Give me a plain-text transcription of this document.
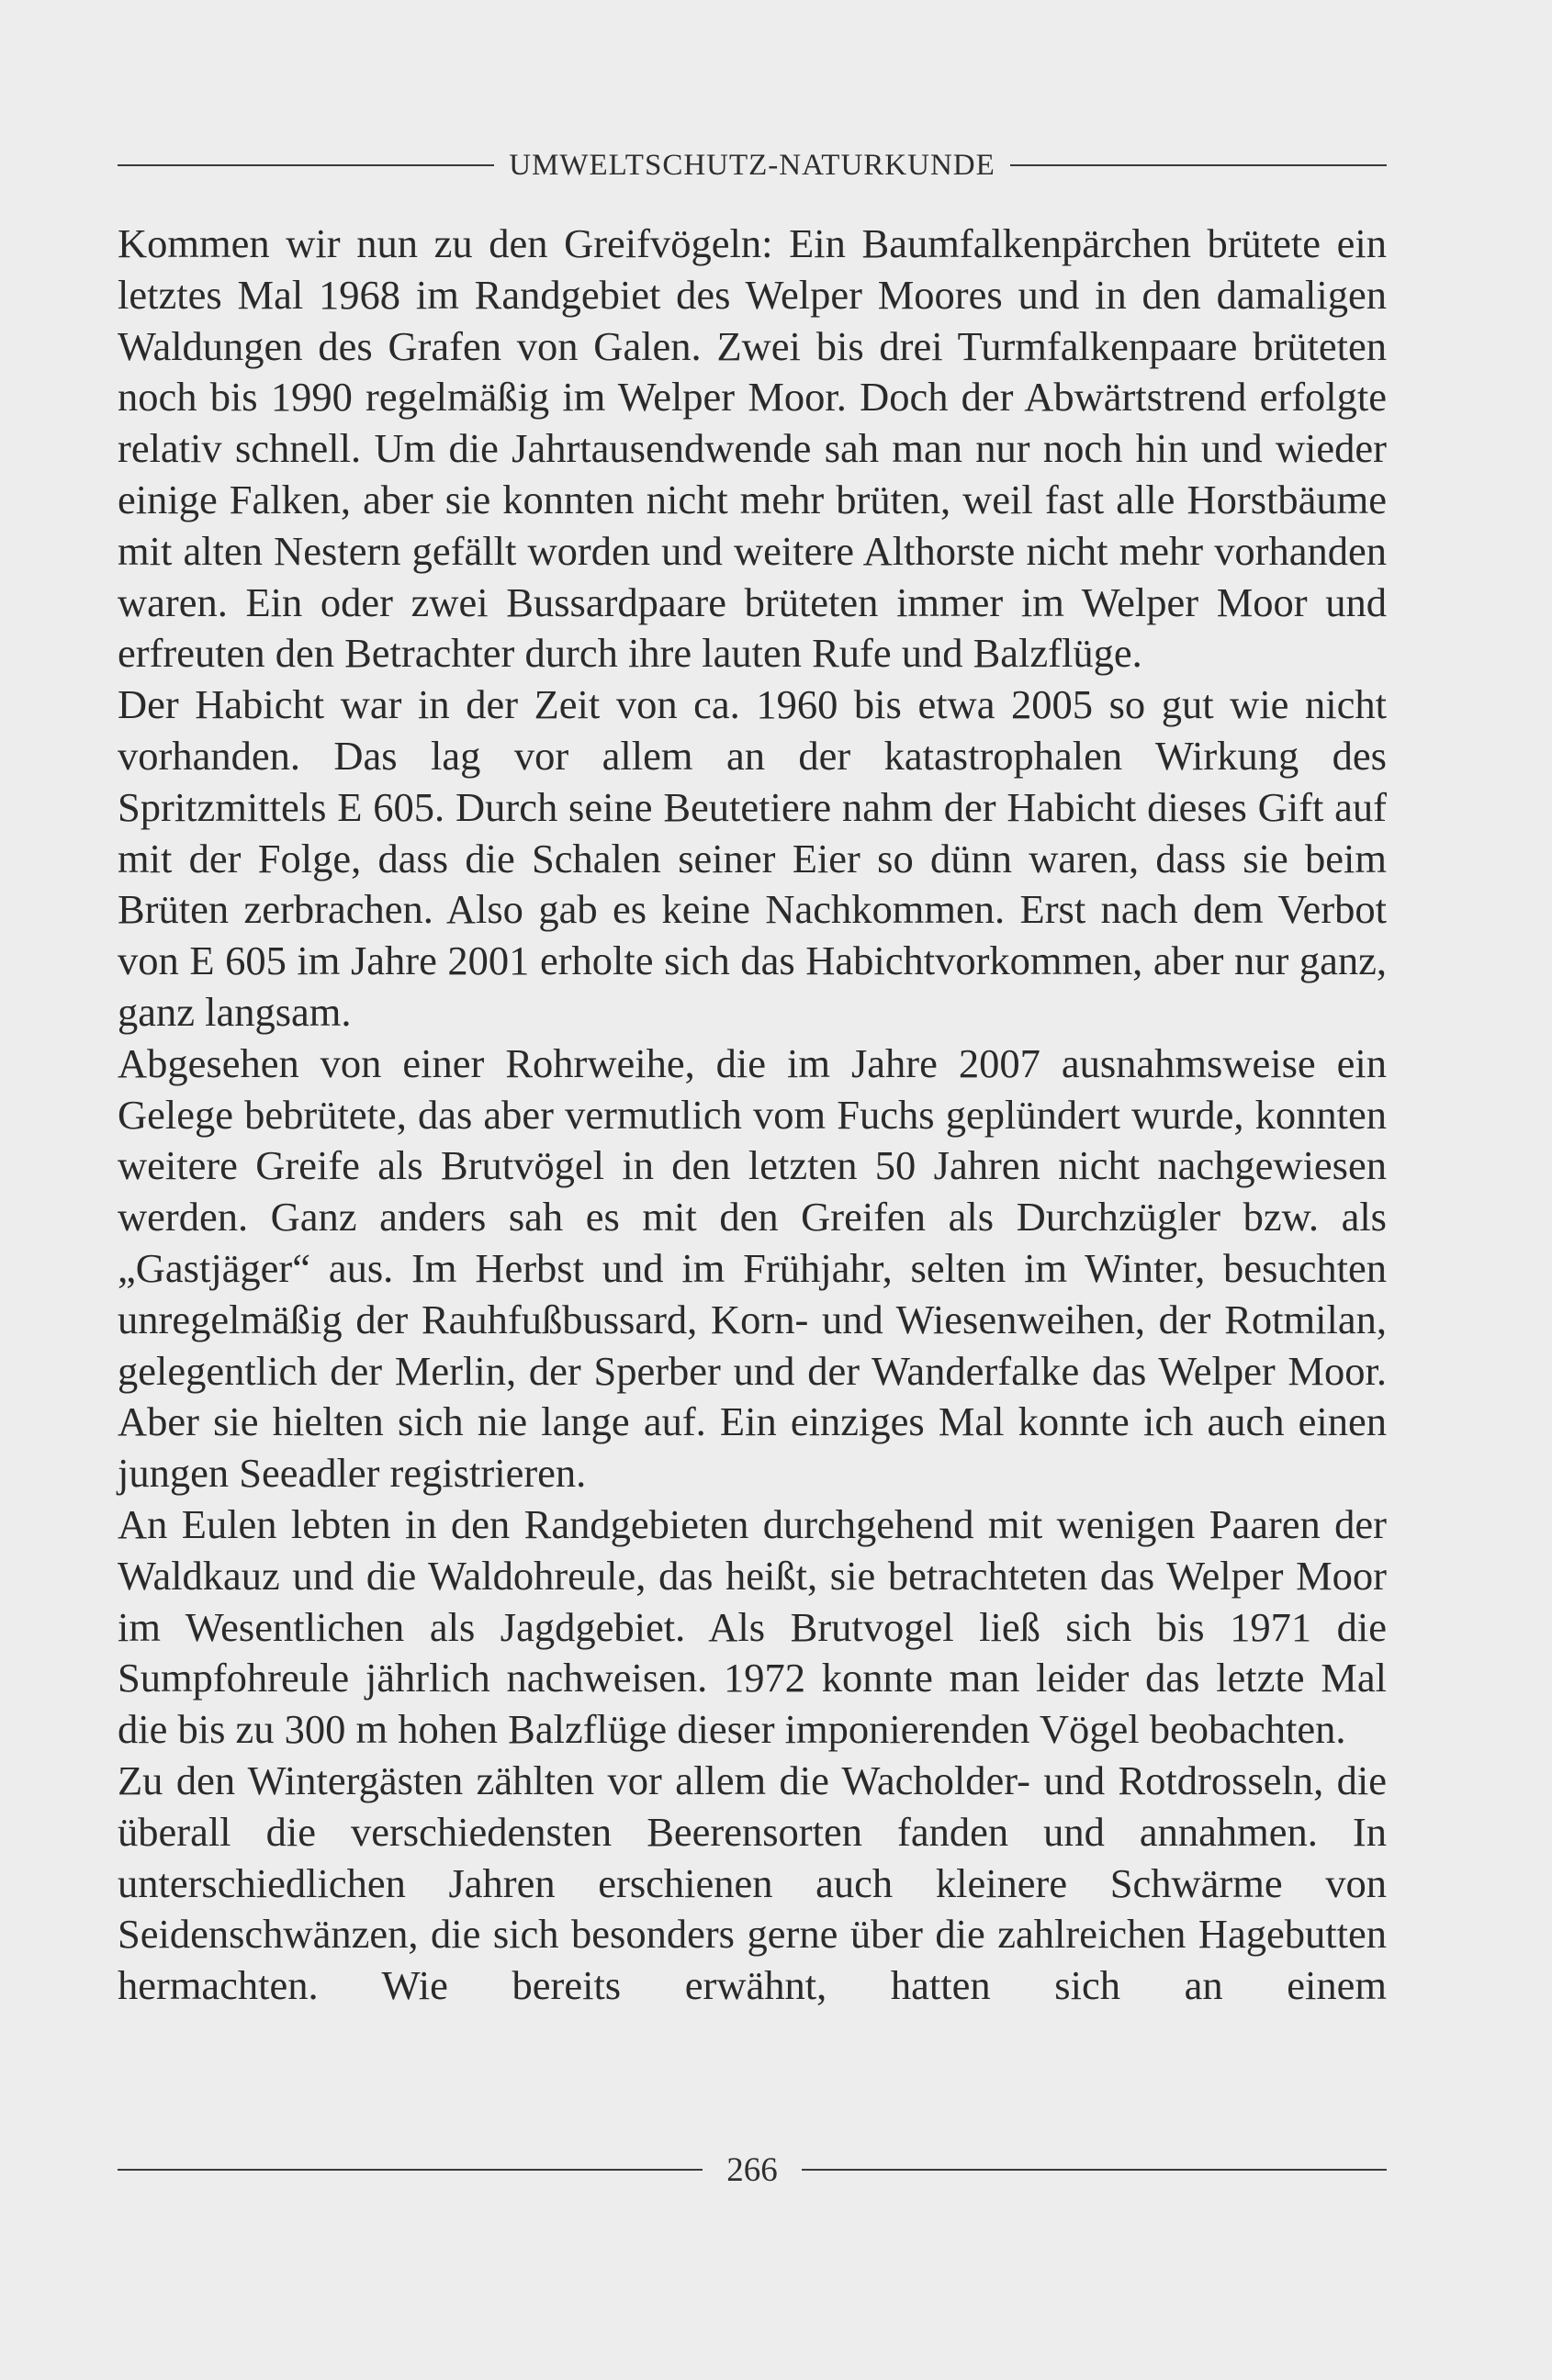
UMWELTSCHUTZ-NATURKUNDE

Kommen wir nun zu den Greifvögeln: Ein Baumfalkenpärchen brütete ein letztes Mal 1968 im Randgebiet des Welper Moores und in den damaligen Waldungen des Grafen von Galen. Zwei bis drei Turmfalkenpaare brüteten noch bis 1990 regelmäßig im Welper Moor. Doch der Abwärtstrend erfolgte relativ schnell. Um die Jahrtausendwende sah man nur noch hin und wieder einige Falken, aber sie konnten nicht mehr brüten, weil fast alle Horstbäume mit alten Nestern gefällt worden und weitere Althorste nicht mehr vorhanden waren. Ein oder zwei Bussardpaare brüteten immer im Welper Moor und erfreuten den Betrachter durch ihre lauten Rufe und Balzflüge.

Der Habicht war in der Zeit von ca. 1960 bis etwa 2005 so gut wie nicht vorhanden. Das lag vor allem an der katastrophalen Wirkung des Spritzmittels E 605. Durch seine Beutetiere nahm der Habicht dieses Gift auf mit der Folge, dass die Schalen seiner Eier so dünn waren, dass sie beim Brüten zerbrachen. Also gab es keine Nachkommen. Erst nach dem Verbot von E 605 im Jahre 2001 erholte sich das Habichtvorkommen, aber nur ganz, ganz langsam.

Abgesehen von einer Rohrweihe, die im Jahre 2007 ausnahmsweise ein Gelege bebrütete, das aber vermutlich vom Fuchs geplündert wurde, konnten weitere Greife als Brutvögel in den letzten 50 Jahren nicht nachgewiesen werden. Ganz anders sah es mit den Greifen als Durchzügler bzw. als „Gastjäger“ aus. Im Herbst und im Frühjahr, selten im Winter, besuchten unregelmäßig der Rauhfußbussard, Korn- und Wiesenweihen, der Rotmilan, gelegentlich der Merlin, der Sperber und der Wanderfalke das Welper Moor. Aber sie hielten sich nie lange auf. Ein einziges Mal konnte ich auch einen jungen Seeadler registrieren.

An Eulen lebten in den Randgebieten durchgehend mit wenigen Paaren der Waldkauz und die Waldohreule, das heißt, sie betrachteten das Welper Moor im Wesentlichen als Jagdgebiet. Als Brutvogel ließ sich bis 1971 die Sumpfohreule jährlich nachweisen. 1972 konnte man leider das letzte Mal die bis zu 300 m hohen Balzflüge dieser imponierenden Vögel beobachten.

Zu den Wintergästen zählten vor allem die Wacholder- und Rotdrosseln, die überall die verschiedensten Beerensorten fanden und annahmen. In unterschiedlichen Jahren erschienen auch kleinere Schwärme von Seidenschwänzen, die sich besonders gerne über die zahlreichen Hagebutten hermachten. Wie bereits erwähnt, hatten sich an einem

266
